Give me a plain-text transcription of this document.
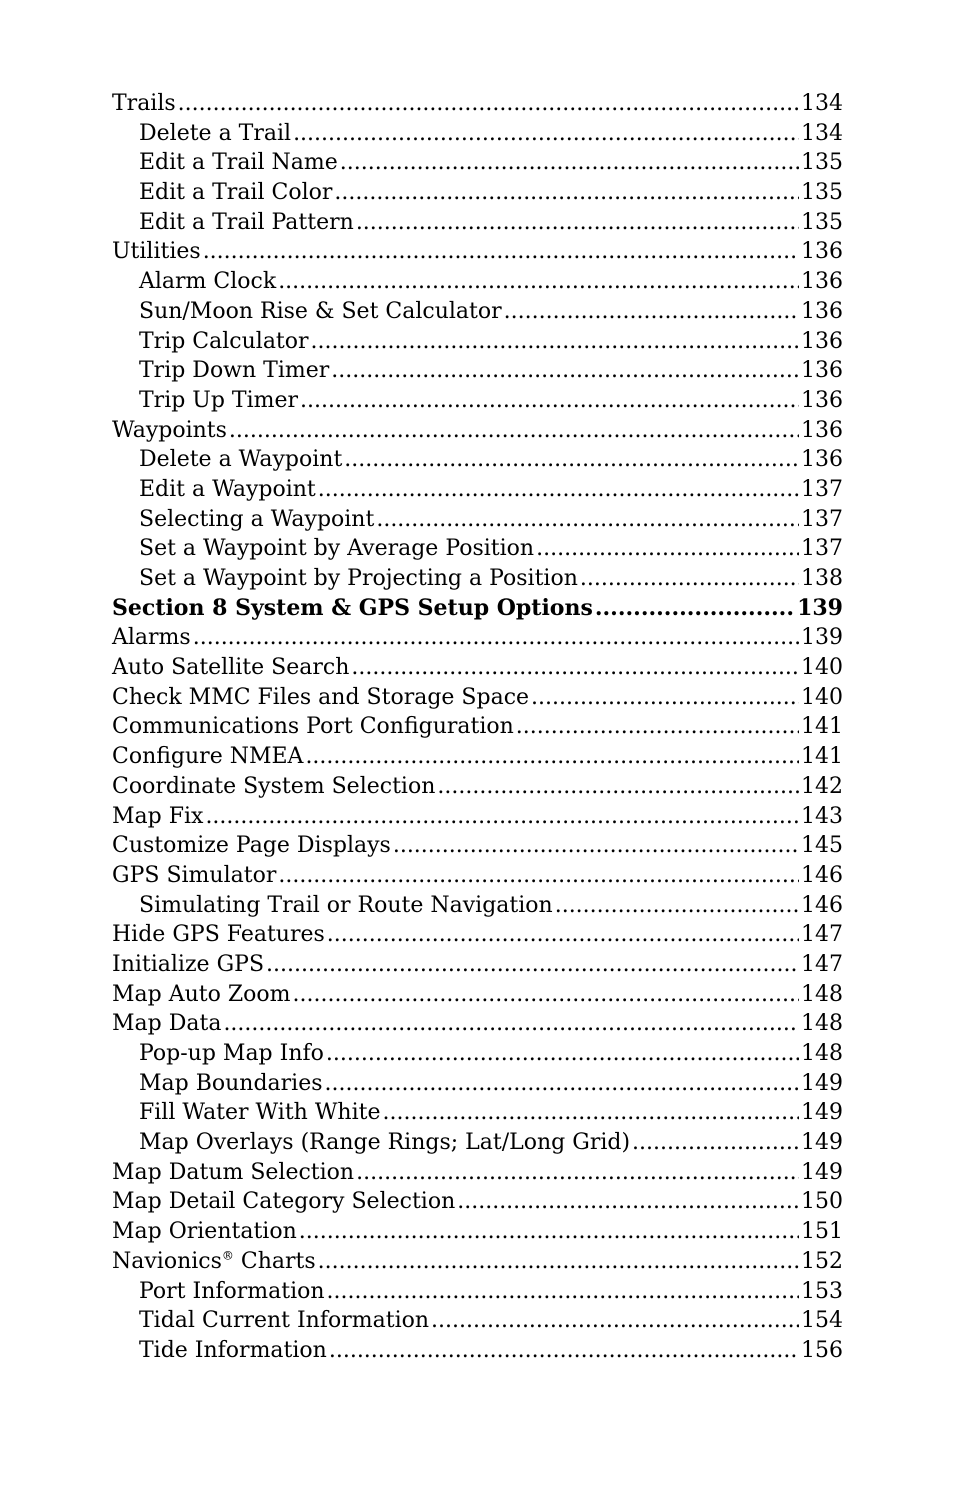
Trails .....	134
Delete a Trail .....	134
Edit a Trail Name .....	135
Edit a Trail Color .....	135
Edit a Trail Pattern .....	135
Utilities .....	136
Alarm Clock .....	136
Sun/Moon Rise & Set Calculator .....	136
Trip Calculator .....	136
Trip Down Timer .....	136
Trip Up Timer .....	136
Waypoints .....	136
Delete a Waypoint .....	136
Edit a Waypoint .....	137
Selecting a Waypoint .....	137
Set a Waypoint by Average Position .....	137
Set a Waypoint by Projecting a Position .....	138
Section 8 System & GPS Setup Options .....	139
Alarms .....	139
Auto Satellite Search .....	140
Check MMC Files and Storage Space .....	140
Communications Port Configuration .....	141
Configure NMEA .....	141
Coordinate System Selection .....	142
Map Fix .....	143
Customize Page Displays .....	145
GPS Simulator .....	146
Simulating Trail or Route Navigation .....	146
Hide GPS Features .....	147
Initialize GPS .....	147
Map Auto Zoom .....	148
Map Data .....	148
Pop-up Map Info .....	148
Map Boundaries .....	149
Fill Water With White .....	149
Map Overlays (Range Rings; Lat/Long Grid) .....	149
Map Datum Selection .....	149
Map Detail Category Selection .....	150
Map Orientation .....	151
Navionics® Charts .....	152
Port Information .....	153
Tidal Current Information .....	154
Tide Information .....	156
